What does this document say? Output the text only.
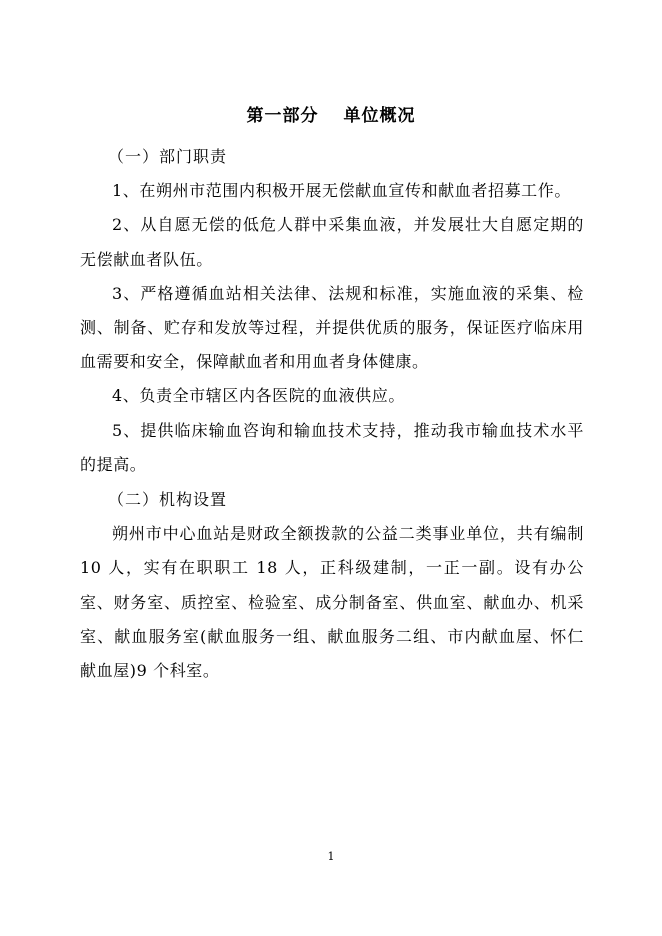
第一部分　 单位概况

（一）部门职责

1、在朔州市范围内积极开展无偿献血宣传和献血者招募工作。

2、从自愿无偿的低危人群中采集血液，并发展壮大自愿定期的无偿献血者队伍。

3、严格遵循血站相关法律、法规和标准，实施血液的采集、检测、制备、贮存和发放等过程，并提供优质的服务，保证医疗临床用血需要和安全，保障献血者和用血者身体健康。

4、负责全市辖区内各医院的血液供应。

5、提供临床输血咨询和输血技术支持，推动我市输血技术水平的提高。

（二）机构设置

朔州市中心血站是财政全额拨款的公益二类事业单位，共有编制 10 人，实有在职职工 18 人，正科级建制，一正一副。设有办公室、财务室、质控室、检验室、成分制备室、供血室、献血办、机采室、献血服务室(献血服务一组、献血服务二组、市内献血屋、怀仁献血屋)9 个科室。

1
